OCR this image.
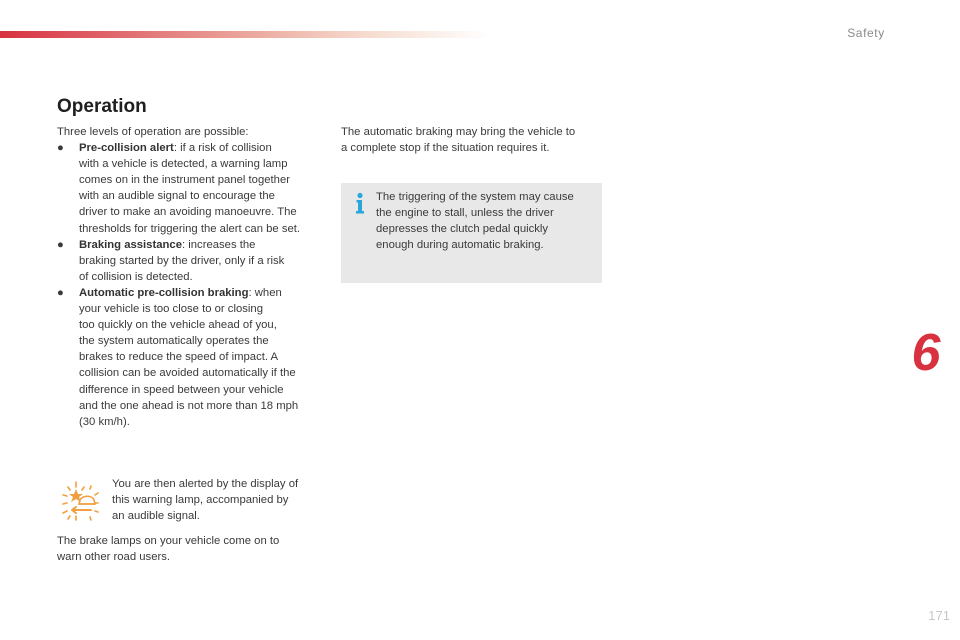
Safety
Operation

Three levels of operation are possible:

● Pre-collision alert: if a risk of collision
with a vehicle is detected, a warning lamp
comes on in the instrument panel together
with an audible signal to encourage the
driver to make an avoiding manoeuvre. The
thresholds for triggering the alert can be set.
● Braking assistance: increases the
braking started by the driver, only if a risk
of collision is detected.
● Automatic pre-collision braking: when
your vehicle is too close to or closing
too quickly on the vehicle ahead of you,
the system automatically operates the
brakes to reduce the speed of impact. A
collision can be avoided automatically if the
difference in speed between your vehicle
and the one ahead is not more than 18 mph
(30 km/h).

You are then alerted by the display of
this warning lamp, accompanied by
an audible signal.

The brake lamps on your vehicle come on to
warn other road users.

The automatic braking may bring the vehicle to
a complete stop if the situation requires it.

The triggering of the system may cause
the engine to stall, unless the driver
depresses the clutch pedal quickly
enough during automatic braking.

6
171
